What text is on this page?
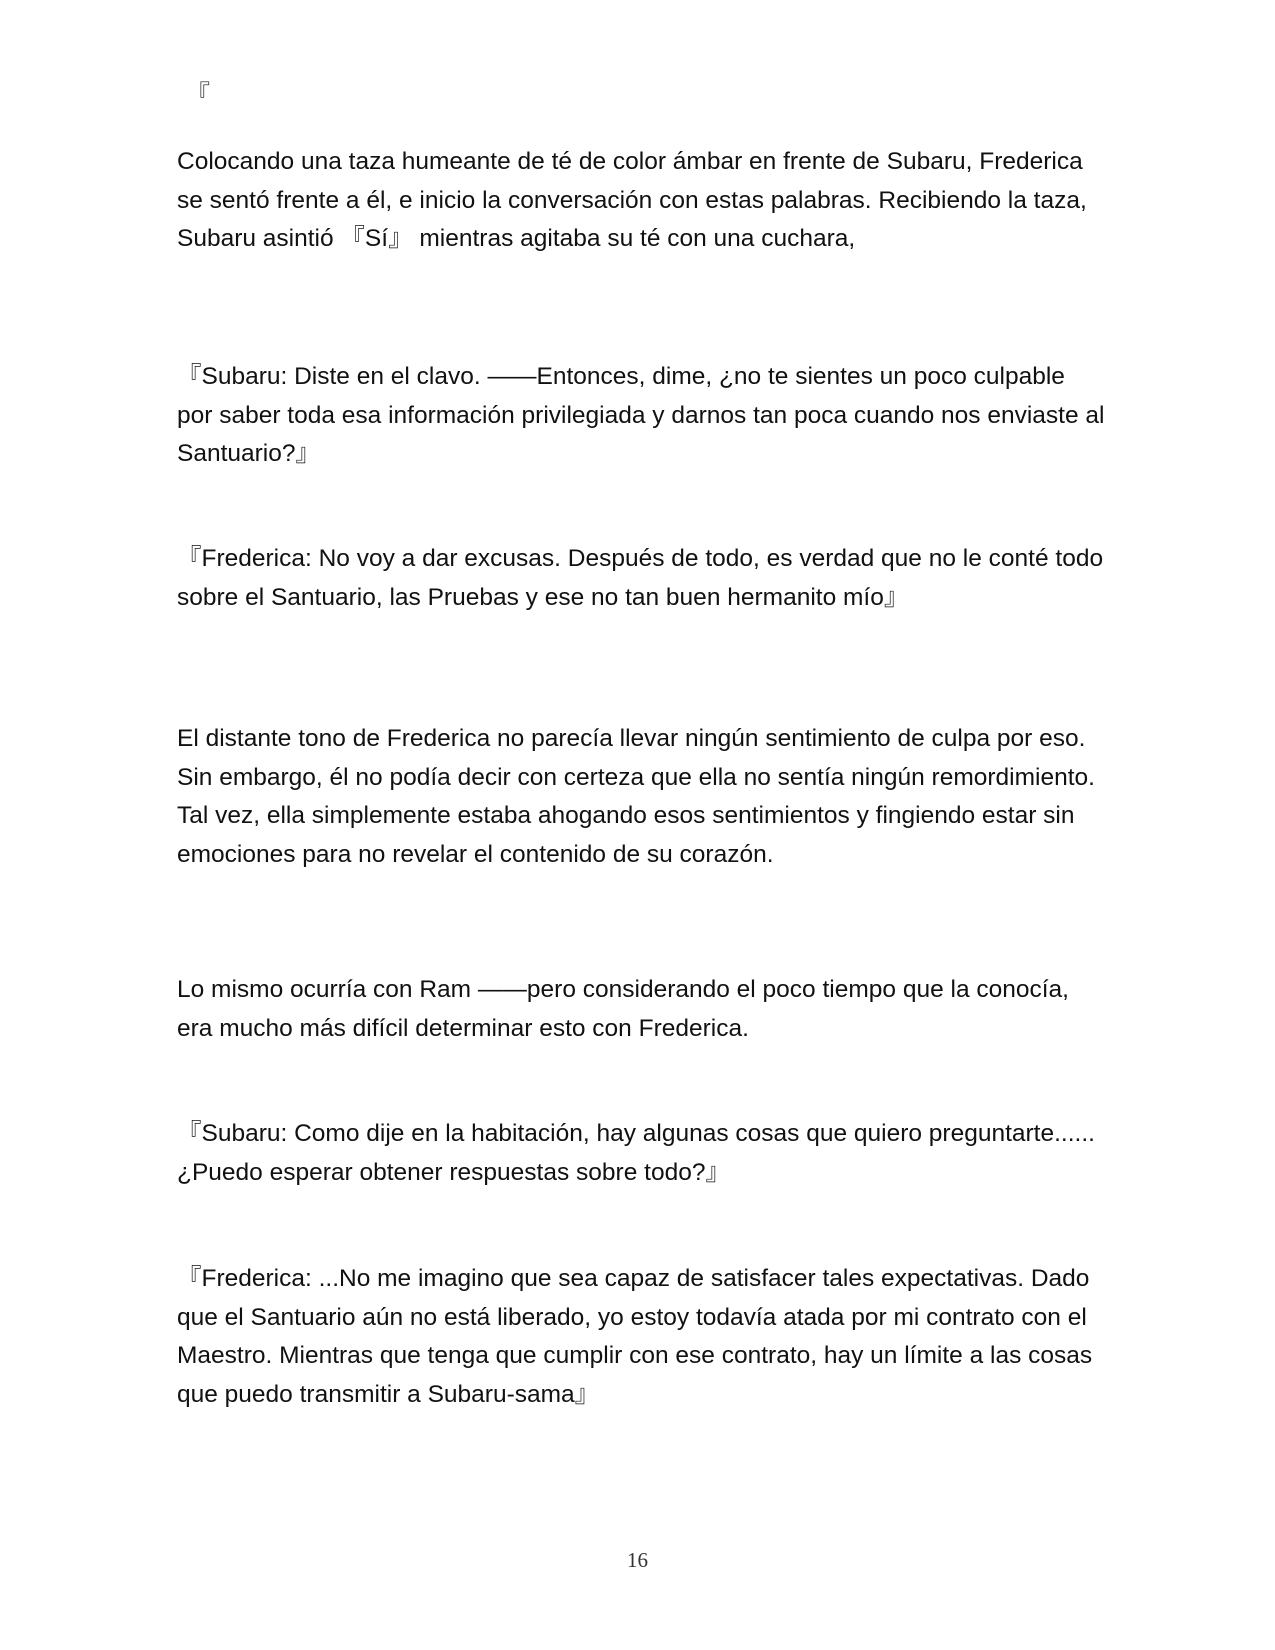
『

Colocando una taza humeante de té de color ámbar en frente de Subaru, Frederica se sentó frente a él, e inicio la conversación con estas palabras. Recibiendo la taza, Subaru asintió 『Sí』 mientras agitaba su té con una cuchara,

『Subaru: Diste en el clavo. ——Entonces, dime, ¿no te sientes un poco culpable por saber toda esa información privilegiada y darnos tan poca cuando nos enviaste al Santuario?』

『Frederica: No voy a dar excusas. Después de todo, es verdad que no le conté todo sobre el Santuario, las Pruebas y ese no tan buen hermanito mío』

El distante tono de Frederica no parecía llevar ningún sentimiento de culpa por eso. Sin embargo, él no podía decir con certeza que ella no sentía ningún remordimiento. Tal vez, ella simplemente estaba ahogando esos sentimientos y fingiendo estar sin emociones para no revelar el contenido de su corazón.

Lo mismo ocurría con Ram ——pero considerando el poco tiempo que la conocía, era mucho más difícil determinar esto con Frederica.

『Subaru: Como dije en la habitación, hay algunas cosas que quiero preguntarte...... ¿Puedo esperar obtener respuestas sobre todo?』

『Frederica: ...No me imagino que sea capaz de satisfacer tales expectativas. Dado que el Santuario aún no está liberado, yo estoy todavía atada por mi contrato con el Maestro. Mientras que tenga que cumplir con ese contrato, hay un límite a las cosas que puedo transmitir a Subaru-sama』

16
